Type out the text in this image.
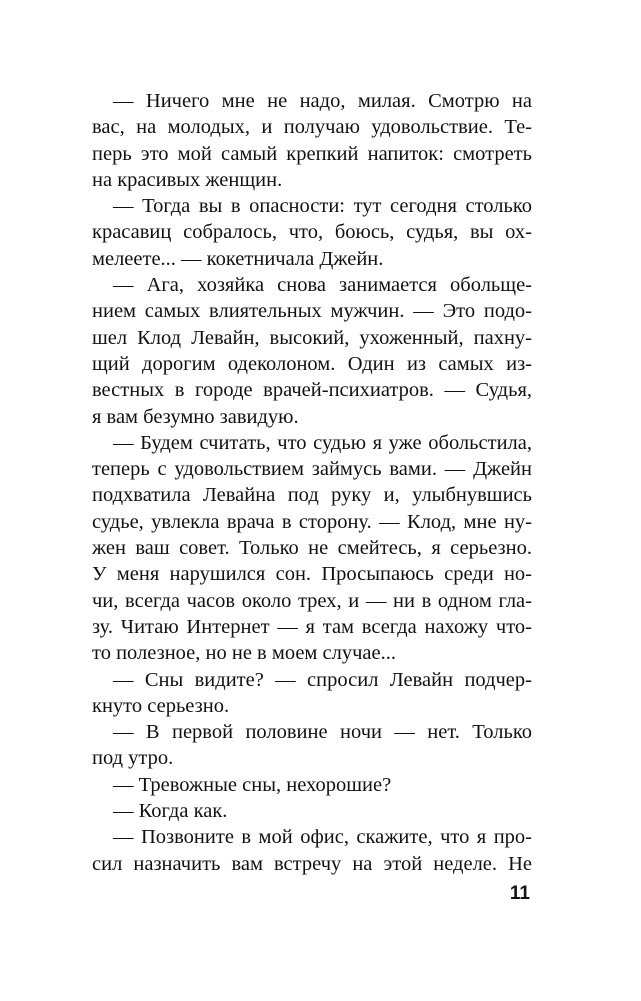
— Ничего мне не надо, милая. Смотрю на
вас, на молодых, и получаю удовольствие. Те-
перь это мой самый крепкий напиток: смотреть
на красивых женщин.
— Тогда вы в опасности: тут сегодня столько
красавиц собралось, что, боюсь, судья, вы ох-
мелеете... — кокетничала Джейн.
— Ага, хозяйка снова занимается обольще-
нием самых влиятельных мужчин. — Это подо-
шел Клод Левайн, высокий, ухоженный, пахну-
щий дорогим одеколоном. Один из самых из-
вестных в городе врачей-психиатров. — Судья,
я вам безумно завидую.
— Будем считать, что судью я уже обольстила,
теперь с удовольствием займусь вами. — Джейн
подхватила Левайна под руку и, улыбнувшись
судье, увлекла врача в сторону. — Клод, мне ну-
жен ваш совет. Только не смейтесь, я серьезно.
У меня нарушился сон. Просыпаюсь среди но-
чи, всегда часов около трех, и — ни в одном гла-
зу. Читаю Интернет — я там всегда нахожу что-
то полезное, но не в моем случае...
— Сны видите? — спросил Левайн подчер-
кнуто серьезно.
— В первой половине ночи — нет. Только
под утро.
— Тревожные сны, нехорошие?
— Когда как.
— Позвоните в мой офис, скажите, что я про-
сил назначить вам встречу на этой неделе. Не
11
